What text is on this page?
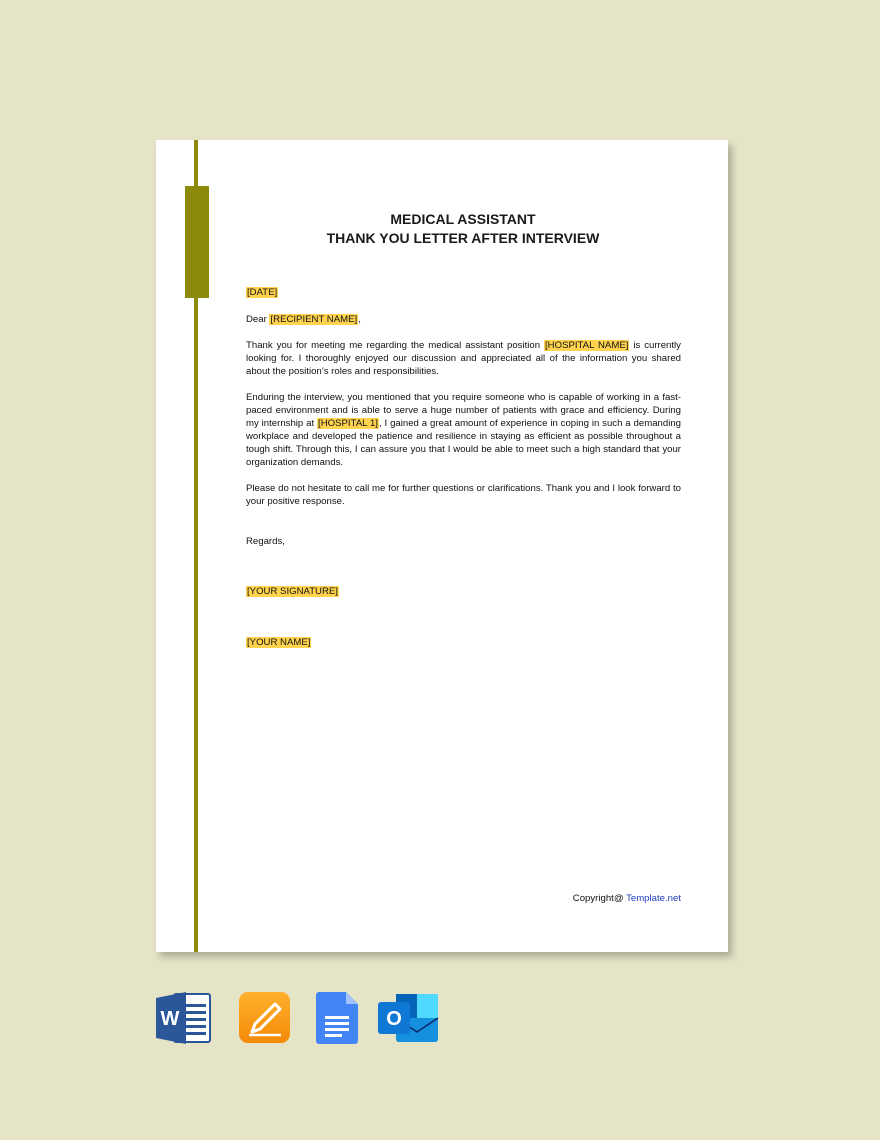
MEDICAL ASSISTANT
THANK YOU LETTER AFTER INTERVIEW
[DATE]
Dear [RECIPIENT NAME],
Thank you for meeting me regarding the medical assistant position [HOSPITAL NAME] is currently looking for. I thoroughly enjoyed our discussion and appreciated all of the information you shared about the position’s roles and responsibilities.
Enduring the interview, you mentioned that you require someone who is capable of working in a fast-paced environment and is able to serve a huge number of patients with grace and efficiency. During my internship at [HOSPITAL 1], I gained a great amount of experience in coping in such a demanding workplace and developed the patience and resilience in staying as efficient as possible throughout a tough shift. Through this, I can assure you that I would be able to meet such a high standard that your organization demands.
Please do not hesitate to call me for further questions or clarifications. Thank you and I look forward to your positive response.
Regards,
[YOUR SIGNATURE]
[YOUR NAME]
Copyright@ Template.net
W	O
